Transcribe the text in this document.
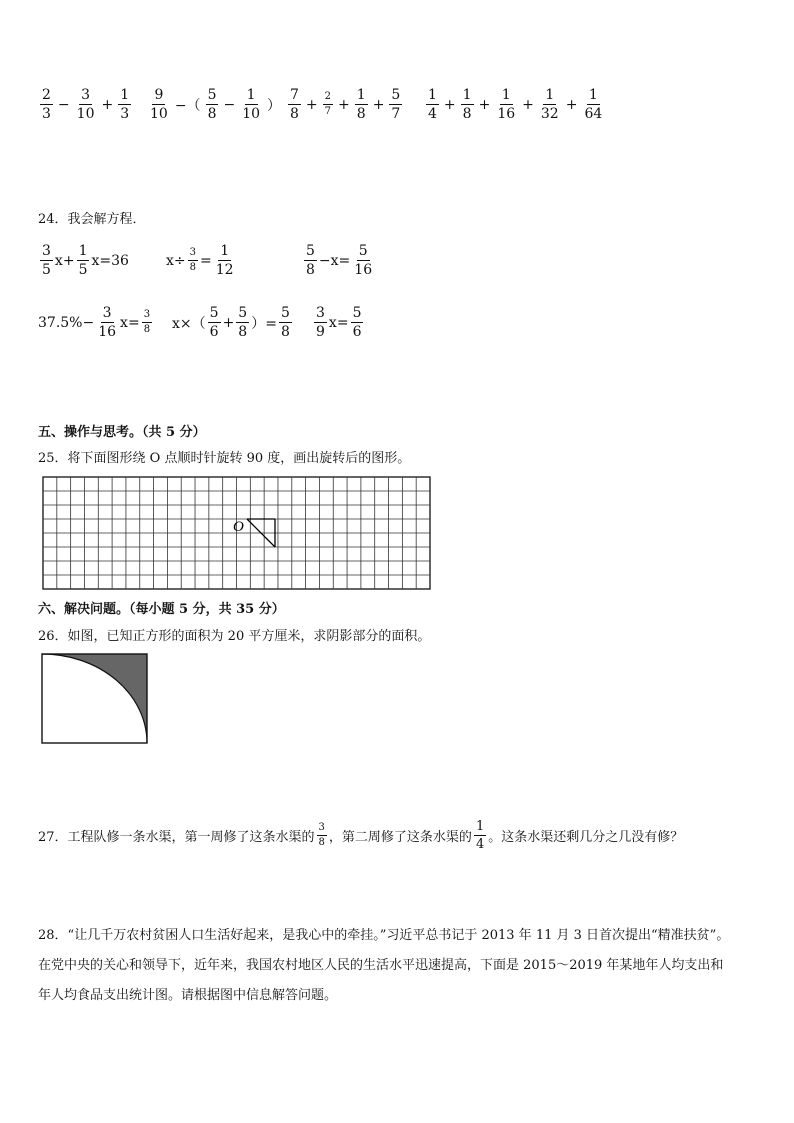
$\frac{2}{3} - \frac{3}{10} + \frac{1}{3} \frac{9}{10}$ −（ $\frac{5}{8} - \frac{1}{10}$ ） $\frac{7}{8} + \frac{2}{7} + \frac{1}{8} + \frac{5}{7} \frac{1}{4} + \frac{1}{8} + \frac{1}{16} + \frac{1}{32} + \frac{1}{64}$
24．我会解方程．
$\frac{3}{5} x+ \frac{1}{5} x=36$	$x\div \frac{3}{8} = \frac{1}{12}$	$\frac{5}{8} -x= \frac{5}{16}$
$37.5\%- \frac{3}{16} x= \frac{3}{8} x\times( \frac{5}{6} + \frac{5}{8}$ ）= $\frac{5}{8} \frac{3}{9} x= \frac{5}{6}$
五、操作与思考。（共 5 分）
25．将下面图形绕 O 点顺时针旋转 90 度，画出旋转后的图形。
O
六、解决问题。（每小题 5 分，共 35 分）
26．如图，已知正方形的面积为 20 平方厘米，求阴影部分的面积。
27．工程队修一条水渠，第一周修了这条水渠的 $\frac{3}{8}$ ，第二周修了这条水渠的 $\frac{1}{4}$ 。这条水渠还剩几分之几没有修？
28．“让几千万农村贫困人口生活好起来，是我心中的牵挂。”习近平总书记于 2013 年 11 月 3 日首次提出“精准扶贫”。
在党中央的关心和领导下，近年来，我国农村地区人民的生活水平迅速提高，下面是 2015～2019 年某地年人均支出和
年人均食品支出统计图。请根据图中信息解答问题。
